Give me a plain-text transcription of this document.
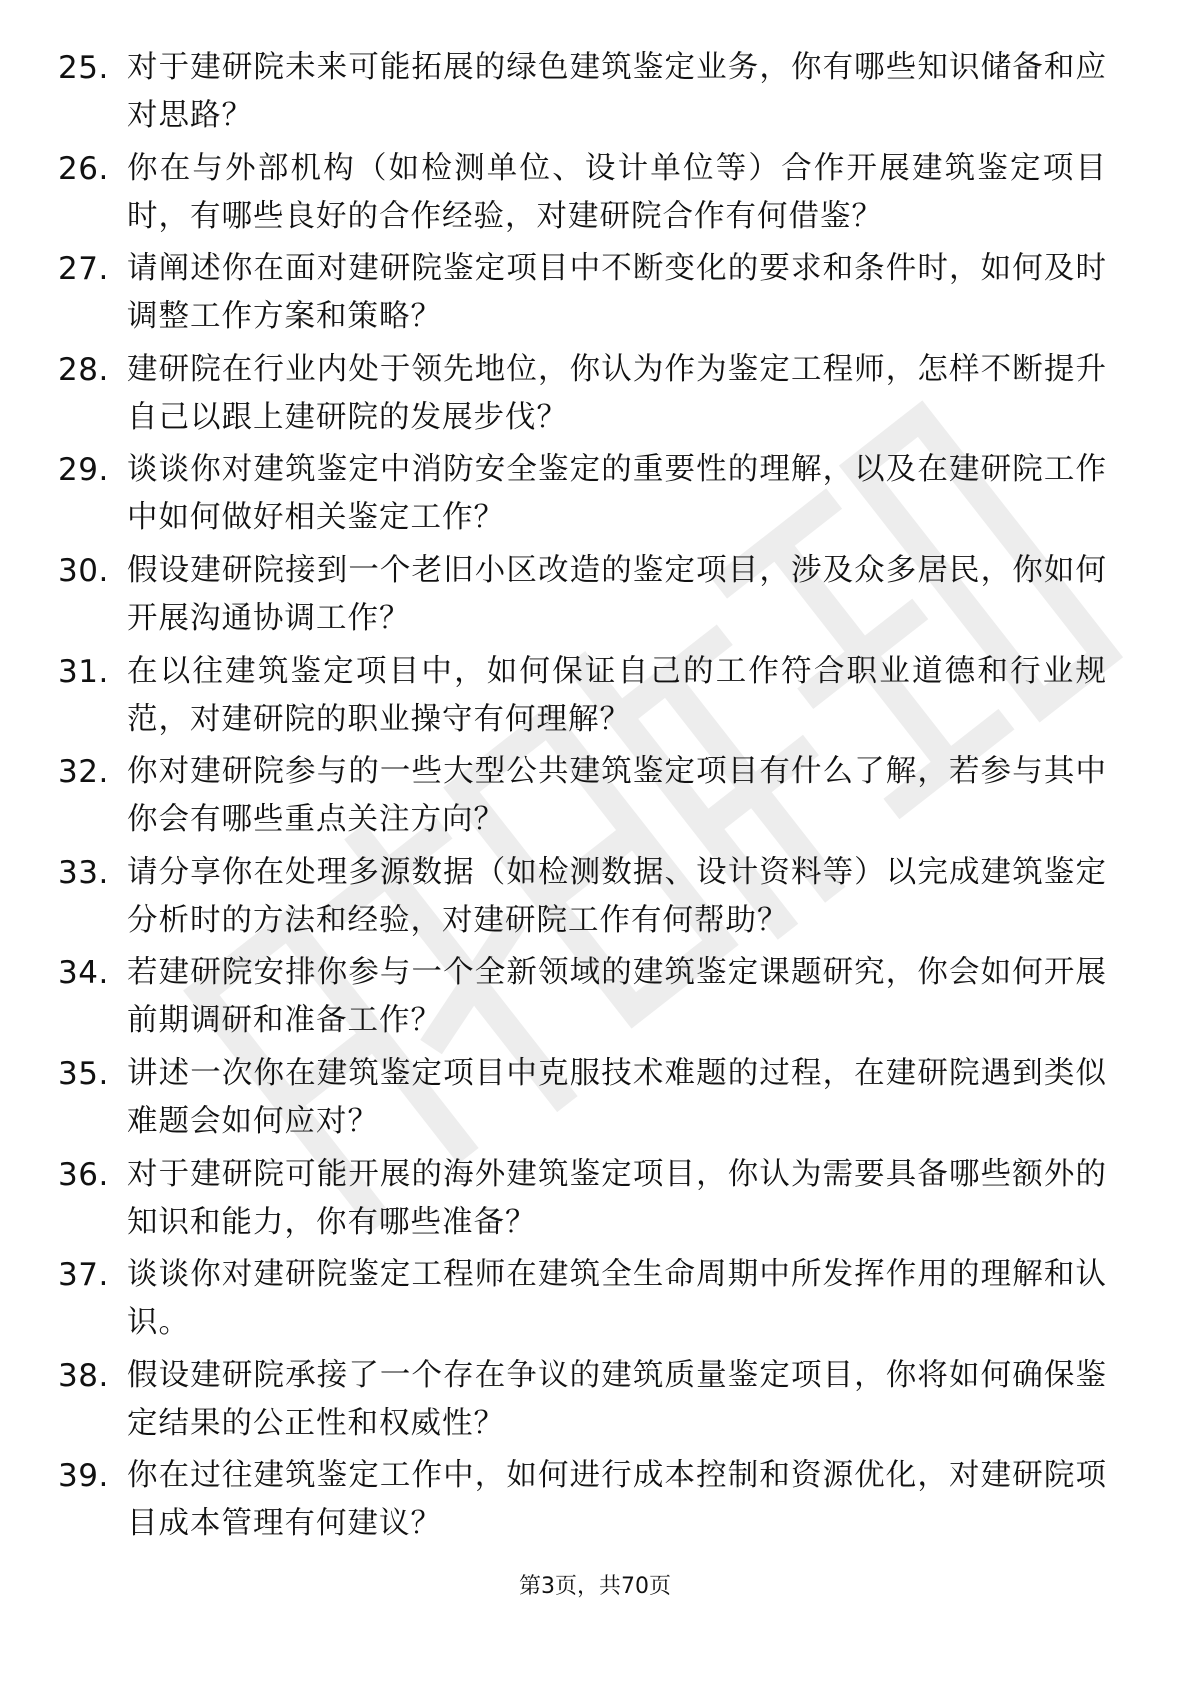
25. 对于建研院未来可能拓展的绿色建筑鉴定业务，你有哪些知识储备和应对思路？
26. 你在与外部机构（如检测单位、设计单位等）合作开展建筑鉴定项目时，有哪些良好的合作经验，对建研院合作有何借鉴？
27. 请阐述你在面对建研院鉴定项目中不断变化的要求和条件时，如何及时调整工作方案和策略？
28. 建研院在行业内处于领先地位，你认为作为鉴定工程师，怎样不断提升自己以跟上建研院的发展步伐？
29. 谈谈你对建筑鉴定中消防安全鉴定的重要性的理解，以及在建研院工作中如何做好相关鉴定工作？
30. 假设建研院接到一个老旧小区改造的鉴定项目，涉及众多居民，你如何开展沟通协调工作？
31. 在以往建筑鉴定项目中，如何保证自己的工作符合职业道德和行业规范，对建研院的职业操守有何理解？
32. 你对建研院参与的一些大型公共建筑鉴定项目有什么了解，若参与其中你会有哪些重点关注方向？
33. 请分享你在处理多源数据（如检测数据、设计资料等）以完成建筑鉴定分析时的方法和经验，对建研院工作有何帮助？
34. 若建研院安排你参与一个全新领域的建筑鉴定课题研究，你会如何开展前期调研和准备工作？
35. 讲述一次你在建筑鉴定项目中克服技术难题的过程，在建研院遇到类似难题会如何应对？
36. 对于建研院可能开展的海外建筑鉴定项目，你认为需要具备哪些额外的知识和能力，你有哪些准备？
37. 谈谈你对建研院鉴定工程师在建筑全生命周期中所发挥作用的理解和认识。
38. 假设建研院承接了一个存在争议的建筑质量鉴定项目，你将如何确保鉴定结果的公正性和权威性？
39. 你在过往建筑鉴定工作中，如何进行成本控制和资源优化，对建研院项目成本管理有何建议？
第3页，共70页
